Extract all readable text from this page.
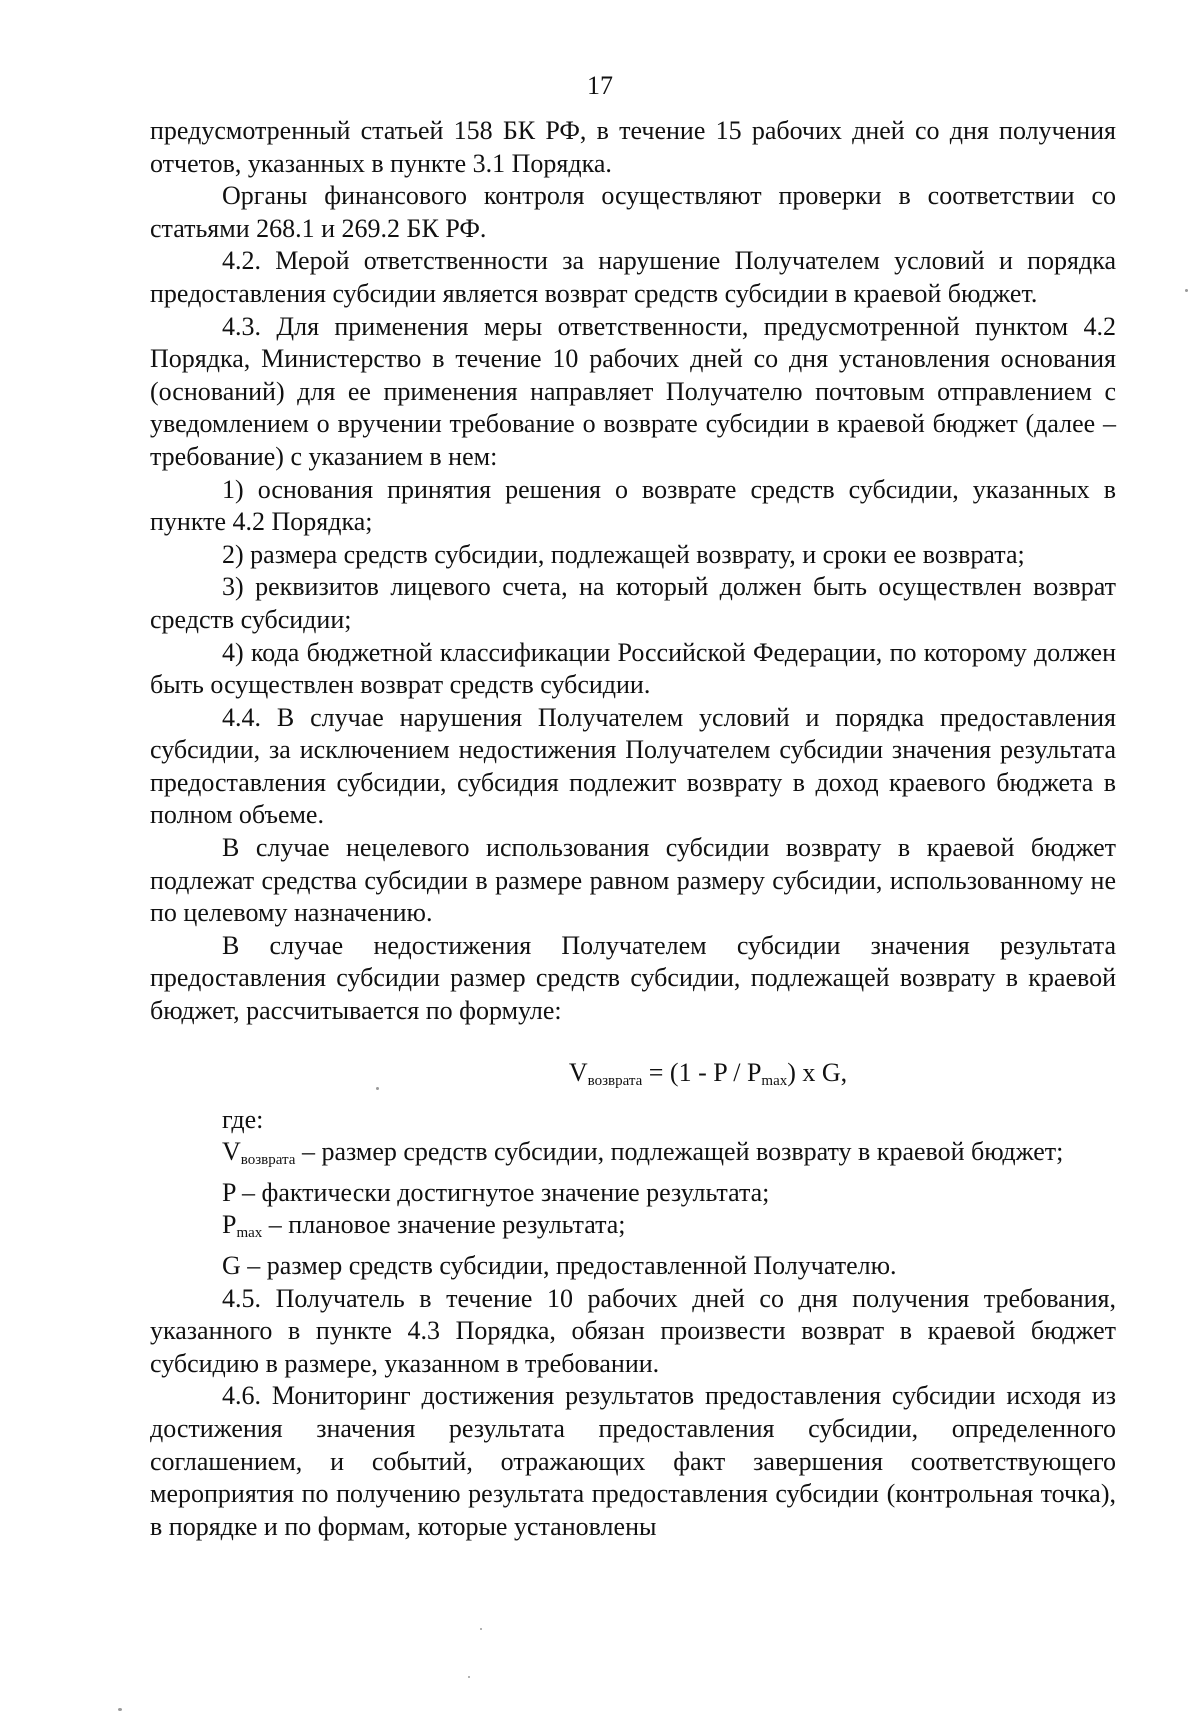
17

предусмотренный статьей 158 БК РФ, в течение 15 рабочих дней со дня получения отчетов, указанных в пункте 3.1 Порядка.

Органы финансового контроля осуществляют проверки в соответствии со статьями 268.1 и 269.2 БК РФ.

4.2. Мерой ответственности за нарушение Получателем условий и порядка предоставления субсидии является возврат средств субсидии в краевой бюджет.

4.3. Для применения меры ответственности, предусмотренной пунктом 4.2 Порядка, Министерство в течение 10 рабочих дней со дня установления основания (оснований) для ее применения направляет Получателю почтовым отправлением с уведомлением о вручении требование о возврате субсидии в краевой бюджет (далее – требование) с указанием в нем:

1) основания принятия решения о возврате средств субсидии, указанных в пункте 4.2 Порядка;

2) размера средств субсидии, подлежащей возврату, и сроки ее возврата;

3) реквизитов лицевого счета, на который должен быть осуществлен возврат средств субсидии;

4) кода бюджетной классификации Российской Федерации, по которому должен быть осуществлен возврат средств субсидии.

4.4. В случае нарушения Получателем условий и порядка предоставления субсидии, за исключением недостижения Получателем субсидии значения результата предоставления субсидии, субсидия подлежит возврату в доход краевого бюджета в полном объеме.

В случае нецелевого использования субсидии возврату в краевой бюджет подлежат средства субсидии в размере равном размеру субсидии, использованному не по целевому назначению.

В случае недостижения Получателем субсидии значения результата предоставления субсидии размер средств субсидии, подлежащей возврату в краевой бюджет, рассчитывается по формуле:

$V_{возврата} = (1 - P / P_{max})$ x G,

где:

$V_{возврата}$ – размер средств субсидии, подлежащей возврату в краевой бюджет;

P – фактически достигнутое значение результата;

$P_{max}$ – плановое значение результата;

G – размер средств субсидии, предоставленной Получателю.

4.5. Получатель в течение 10 рабочих дней со дня получения требования, указанного в пункте 4.3 Порядка, обязан произвести возврат в краевой бюджет субсидию в размере, указанном в требовании.

4.6. Мониторинг достижения результатов предоставления субсидии исходя из достижения значения результата предоставления субсидии, определенного соглашением, и событий, отражающих факт завершения соответствующего мероприятия по получению результата предоставления субсидии (контрольная точка), в порядке и по формам, которые установлены
